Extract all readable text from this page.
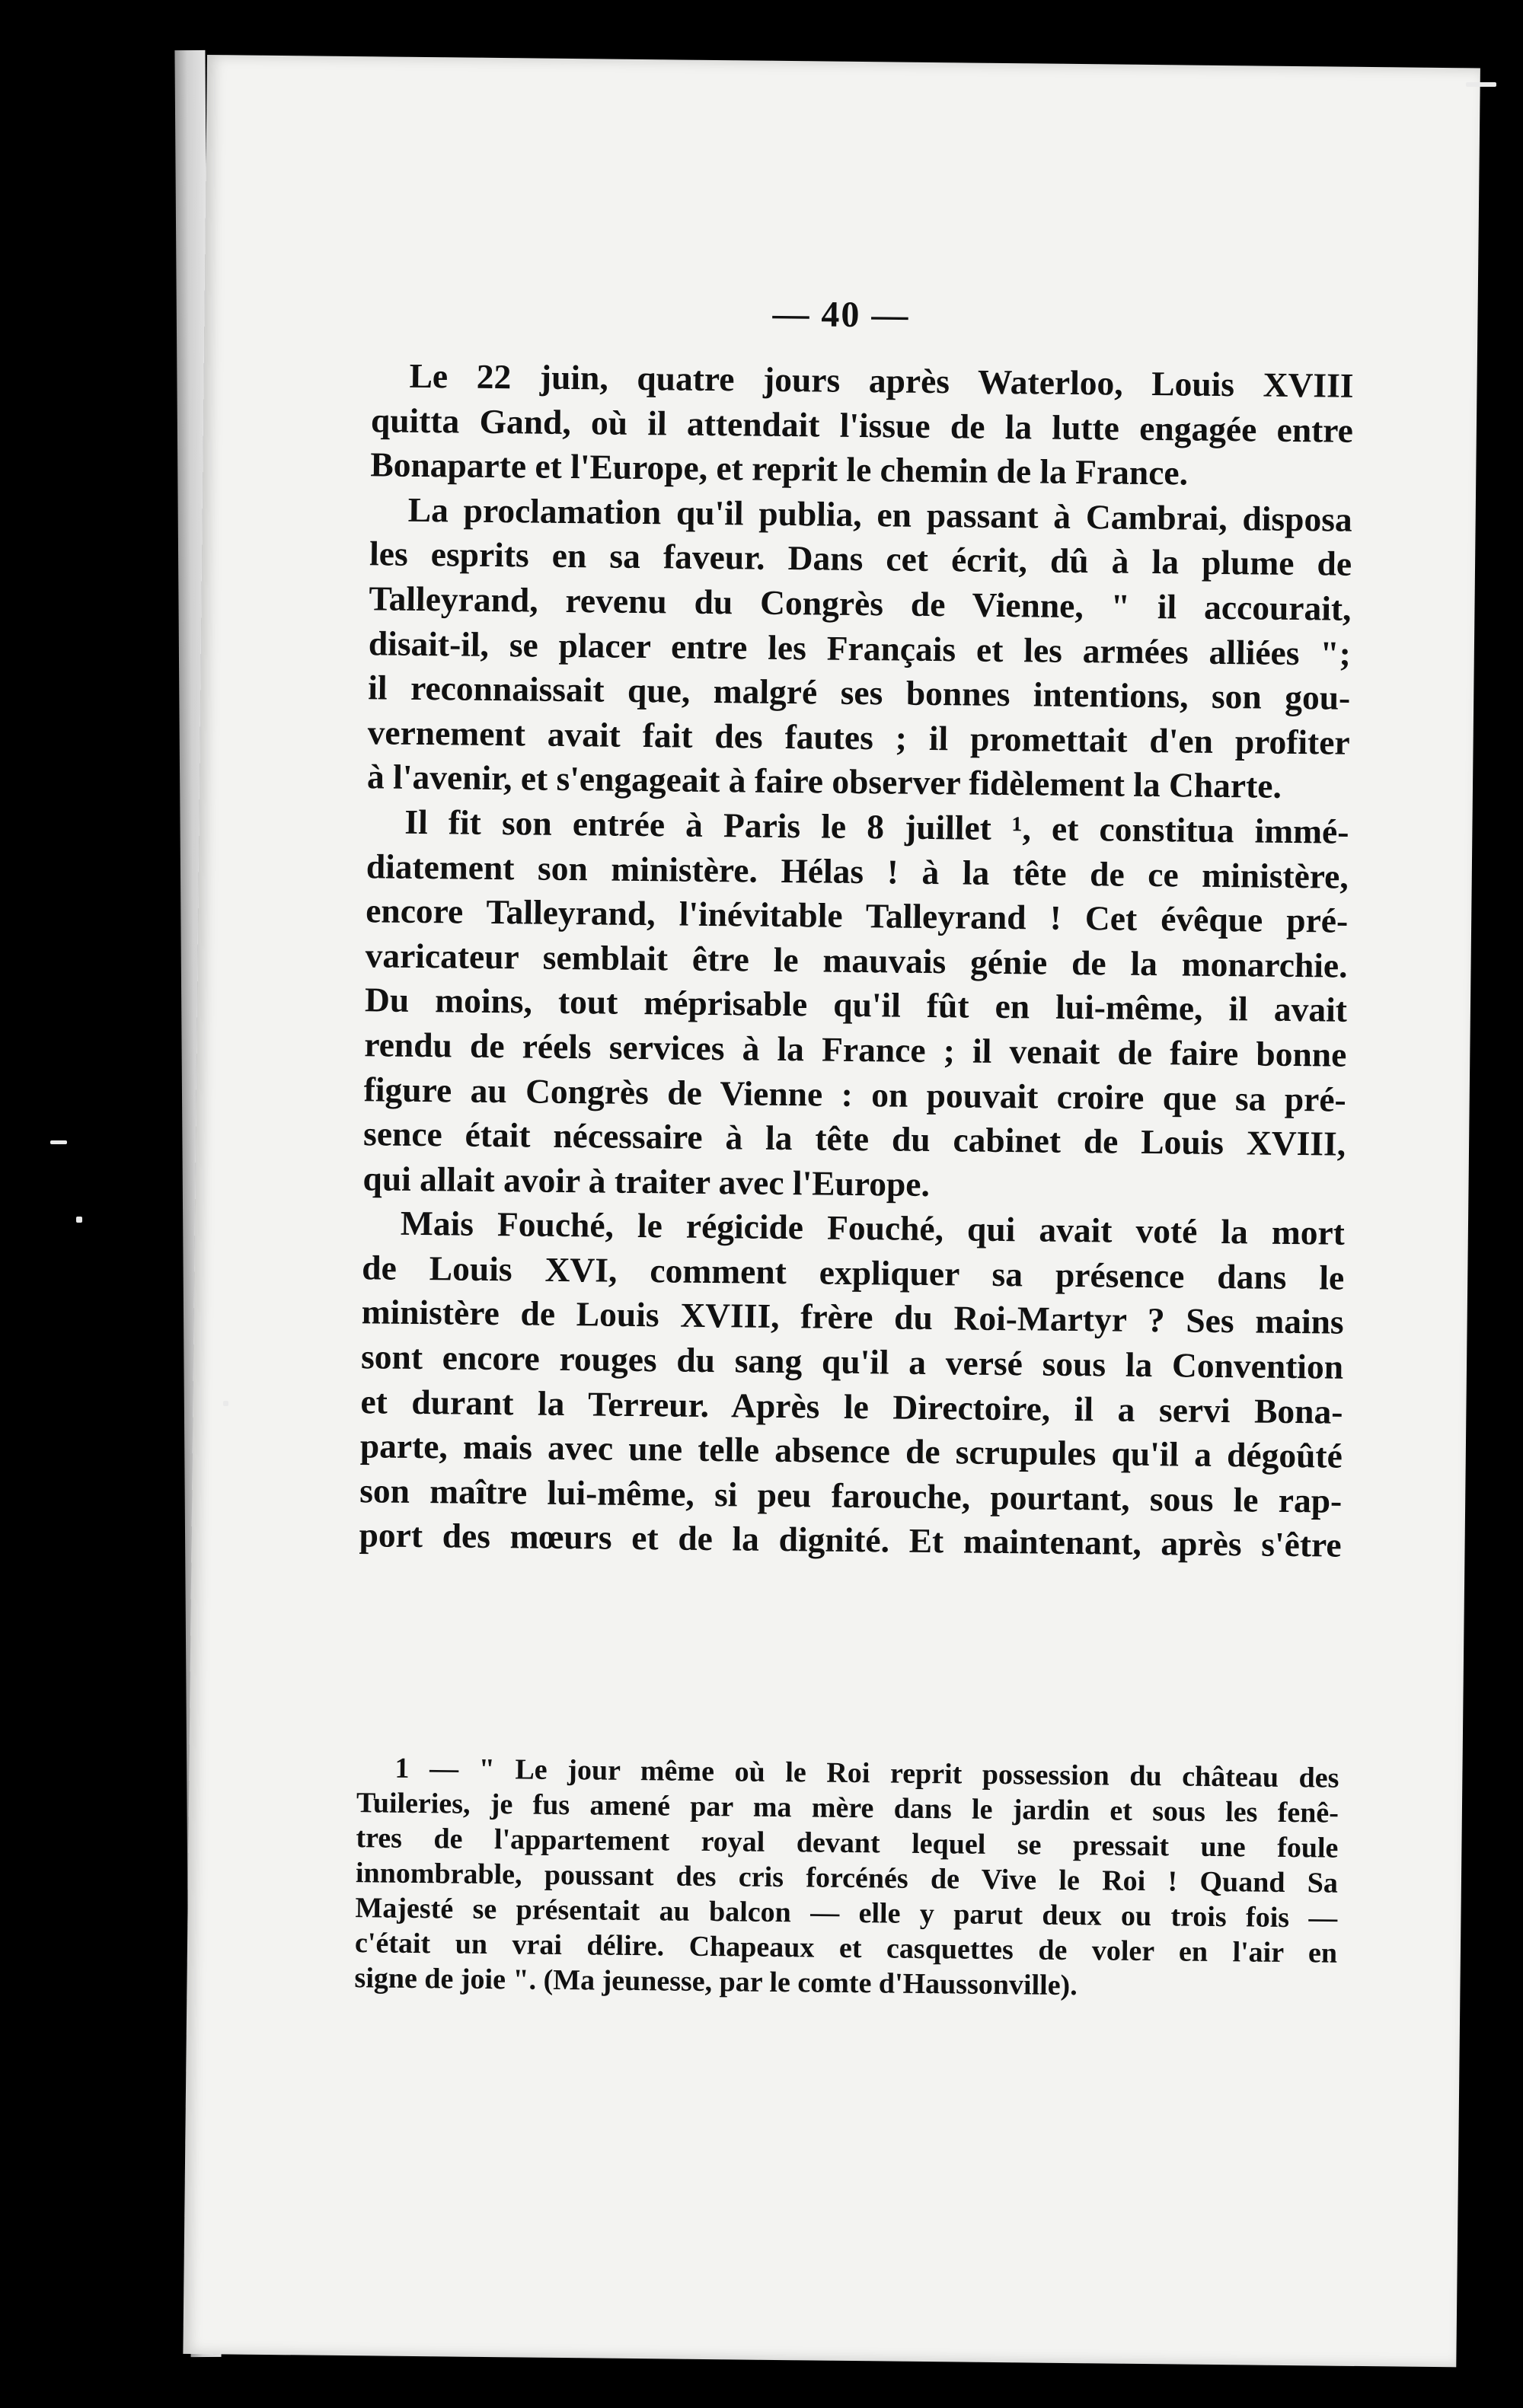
— 40 —
Le 22 juin, quatre jours après Waterloo, Louis XVIII
quitta Gand, où il attendait l'issue de la lutte engagée entre
Bonaparte et l'Europe, et reprit le chemin de la France.
La proclamation qu'il publia, en passant à Cambrai, disposa
les esprits en sa faveur. Dans cet écrit, dû à la plume de
Talleyrand, revenu du Congrès de Vienne, " il accourait,
disait-il, se placer entre les Français et les armées alliées ";
il reconnaissait que, malgré ses bonnes intentions, son gou-
vernement avait fait des fautes ; il promettait d'en profiter
à l'avenir, et s'engageait à faire observer fidèlement la Charte.
Il fit son entrée à Paris le 8 juillet ¹, et constitua immé-
diatement son ministère. Hélas ! à la tête de ce ministère,
encore Talleyrand, l'inévitable Talleyrand ! Cet évêque pré-
varicateur semblait être le mauvais génie de la monarchie.
Du moins, tout méprisable qu'il fût en lui-même, il avait
rendu de réels services à la France ; il venait de faire bonne
figure au Congrès de Vienne : on pouvait croire que sa pré-
sence était nécessaire à la tête du cabinet de Louis XVIII,
qui allait avoir à traiter avec l'Europe.
Mais Fouché, le régicide Fouché, qui avait voté la mort
de Louis XVI, comment expliquer sa présence dans le
ministère de Louis XVIII, frère du Roi-Martyr ? Ses mains
sont encore rouges du sang qu'il a versé sous la Convention
et durant la Terreur. Après le Directoire, il a servi Bona-
parte, mais avec une telle absence de scrupules qu'il a dégoûté
son maître lui-même, si peu farouche, pourtant, sous le rap-
port des mœurs et de la dignité. Et maintenant, après s'être
1 — " Le jour même où le Roi reprit possession du château des
Tuileries, je fus amené par ma mère dans le jardin et sous les fenê-
tres de l'appartement royal devant lequel se pressait une foule
innombrable, poussant des cris forcénés de Vive le Roi ! Quand Sa
Majesté se présentait au balcon — elle y parut deux ou trois fois —
c'était un vrai délire. Chapeaux et casquettes de voler en l'air en
signe de joie ". (Ma jeunesse, par le comte d'Haussonville).
